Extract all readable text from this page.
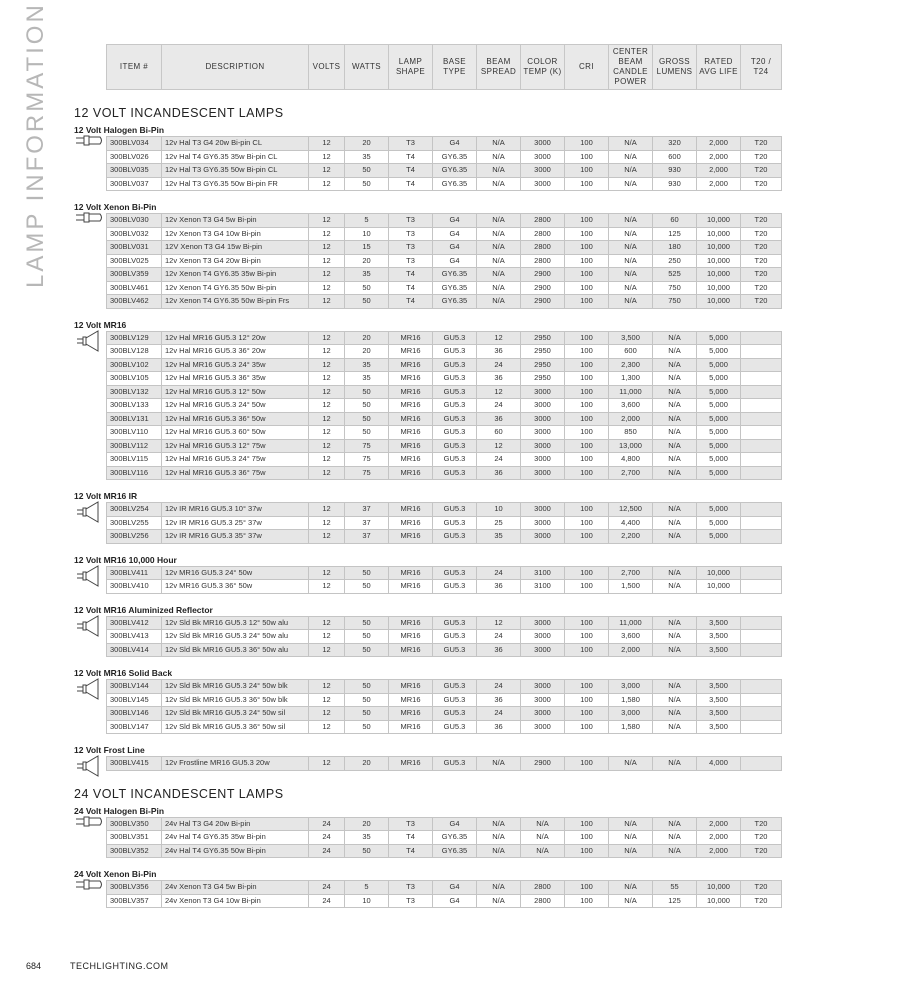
LAMP INFORMATION	ITEM #	DESCRIPTION	VOLTS	WATTS	LAMP SHAPE	BASE TYPE	BEAM SPREAD	COLOR TEMP (K)	CRI	CENTER BEAM CANDLE POWER	GROSS LUMENS	RATED AVG LIFE	T20 / T24
12 VOLT INCANDESCENT LAMPS
12 Volt Halogen Bi-Pin
300BLV034	12v Hal T3 G4 20w Bi-pin CL	12	20	T3	G4	N/A	3000	100	N/A	320	2,000	T20
300BLV026	12v Hal T4 GY6.35 35w Bi-pin CL	12	35	T4	GY6.35	N/A	3000	100	N/A	600	2,000	T20
300BLV035	12v Hal T3 GY6.35 50w Bi-pin CL	12	50	T4	GY6.35	N/A	3000	100	N/A	930	2,000	T20
300BLV037	12v Hal T3 GY6.35 50w Bi-pin FR	12	50	T4	GY6.35	N/A	3000	100	N/A	930	2,000	T20
12 Volt Xenon Bi-Pin
300BLV030	12v Xenon T3 G4 5w Bi-pin	12	5	T3	G4	N/A	2800	100	N/A	60	10,000	T20
300BLV032	12v Xenon T3 G4 10w Bi-pin	12	10	T3	G4	N/A	2800	100	N/A	125	10,000	T20
300BLV031	12V Xenon T3 G4 15w Bi-pin	12	15	T3	G4	N/A	2800	100	N/A	180	10,000	T20
300BLV025	12v Xenon T3 G4 20w Bi-pin	12	20	T3	G4	N/A	2800	100	N/A	250	10,000	T20
300BLV359	12v Xenon T4 GY6.35 35w Bi-pin	12	35	T4	GY6.35	N/A	2900	100	N/A	525	10,000	T20
300BLV461	12v Xenon T4 GY6.35 50w Bi-pin	12	50	T4	GY6.35	N/A	2900	100	N/A	750	10,000	T20
300BLV462	12v Xenon T4 GY6.35 50w Bi-pin Frs	12	50	T4	GY6.35	N/A	2900	100	N/A	750	10,000	T20
12 Volt MR16
300BLV129	12v Hal MR16 GU5.3 12° 20w	12	20	MR16	GU5.3	12	2950	100	3,500	N/A	5,000	
300BLV128	12v Hal MR16 GU5.3 36° 20w	12	20	MR16	GU5.3	36	2950	100	600	N/A	5,000	
300BLV102	12v Hal MR16 GU5.3 24° 35w	12	35	MR16	GU5.3	24	2950	100	2,300	N/A	5,000	
300BLV105	12v Hal MR16 GU5.3 36° 35w	12	35	MR16	GU5.3	36	2950	100	1,300	N/A	5,000	
300BLV132	12v Hal MR16 GU5.3 12° 50w	12	50	MR16	GU5.3	12	3000	100	11,000	N/A	5,000	
300BLV133	12v Hal MR16 GU5.3 24° 50w	12	50	MR16	GU5.3	24	3000	100	3,600	N/A	5,000	
300BLV131	12v Hal MR16 GU5.3 36° 50w	12	50	MR16	GU5.3	36	3000	100	2,000	N/A	5,000	
300BLV110	12v Hal MR16 GU5.3 60° 50w	12	50	MR16	GU5.3	60	3000	100	850	N/A	5,000	
300BLV112	12v Hal MR16 GU5.3 12° 75w	12	75	MR16	GU5.3	12	3000	100	13,000	N/A	5,000	
300BLV115	12v Hal MR16 GU5.3 24° 75w	12	75	MR16	GU5.3	24	3000	100	4,800	N/A	5,000	
300BLV116	12v Hal MR16 GU5.3 36° 75w	12	75	MR16	GU5.3	36	3000	100	2,700	N/A	5,000	
12 Volt MR16 IR
300BLV254	12v IR MR16 GU5.3 10° 37w	12	37	MR16	GU5.3	10	3000	100	12,500	N/A	5,000	
300BLV255	12v IR MR16 GU5.3 25° 37w	12	37	MR16	GU5.3	25	3000	100	4,400	N/A	5,000	
300BLV256	12v IR MR16 GU5.3 35° 37w	12	37	MR16	GU5.3	35	3000	100	2,200	N/A	5,000	
12 Volt MR16 10,000 Hour
300BLV411	12v MR16 GU5.3 24° 50w	12	50	MR16	GU5.3	24	3100	100	2,700	N/A	10,000	
300BLV410	12v MR16 GU5.3 36° 50w	12	50	MR16	GU5.3	36	3100	100	1,500	N/A	10,000	
12 Volt MR16 Aluminized Reflector
300BLV412	12v Sld Bk MR16 GU5.3 12° 50w alu	12	50	MR16	GU5.3	12	3000	100	11,000	N/A	3,500	
300BLV413	12v Sld Bk MR16 GU5.3 24° 50w alu	12	50	MR16	GU5.3	24	3000	100	3,600	N/A	3,500	
300BLV414	12v Sld Bk MR16 GU5.3 36° 50w alu	12	50	MR16	GU5.3	36	3000	100	2,000	N/A	3,500	
12 Volt MR16 Solid Back
300BLV144	12v Sld Bk MR16 GU5.3 24° 50w blk	12	50	MR16	GU5.3	24	3000	100	3,000	N/A	3,500	
300BLV145	12v Sld Bk MR16 GU5.3 36° 50w blk	12	50	MR16	GU5.3	36	3000	100	1,580	N/A	3,500	
300BLV146	12v Sld Bk MR16 GU5.3 24° 50w sil	12	50	MR16	GU5.3	24	3000	100	3,000	N/A	3,500	
300BLV147	12v Sld Bk MR16 GU5.3 36° 50w sil	12	50	MR16	GU5.3	36	3000	100	1,580	N/A	3,500	
12 Volt Frost Line
300BLV415	12v Frostline MR16 GU5.3 20w	12	20	MR16	GU5.3	N/A	2900	100	N/A	N/A	4,000	
24 VOLT INCANDESCENT LAMPS
24 Volt Halogen Bi-Pin
300BLV350	24v Hal T3 G4 20w Bi-pin	24	20	T3	G4	N/A	N/A	100	N/A	N/A	2,000	T20
300BLV351	24v Hal T4 GY6.35 35w Bi-pin	24	35	T4	GY6.35	N/A	N/A	100	N/A	N/A	2,000	T20
300BLV352	24v Hal T4 GY6.35 50w Bi-pin	24	50	T4	GY6.35	N/A	N/A	100	N/A	N/A	2,000	T20
24 Volt Xenon Bi-Pin
300BLV356	24v Xenon T3 G4 5w Bi-pin	24	5	T3	G4	N/A	2800	100	N/A	55	10,000	T20
300BLV357	24v Xenon T3 G4 10w Bi-pin	24	10	T3	G4	N/A	2800	100	N/A	125	10,000	T20
684	TECHLIGHTING.COM
